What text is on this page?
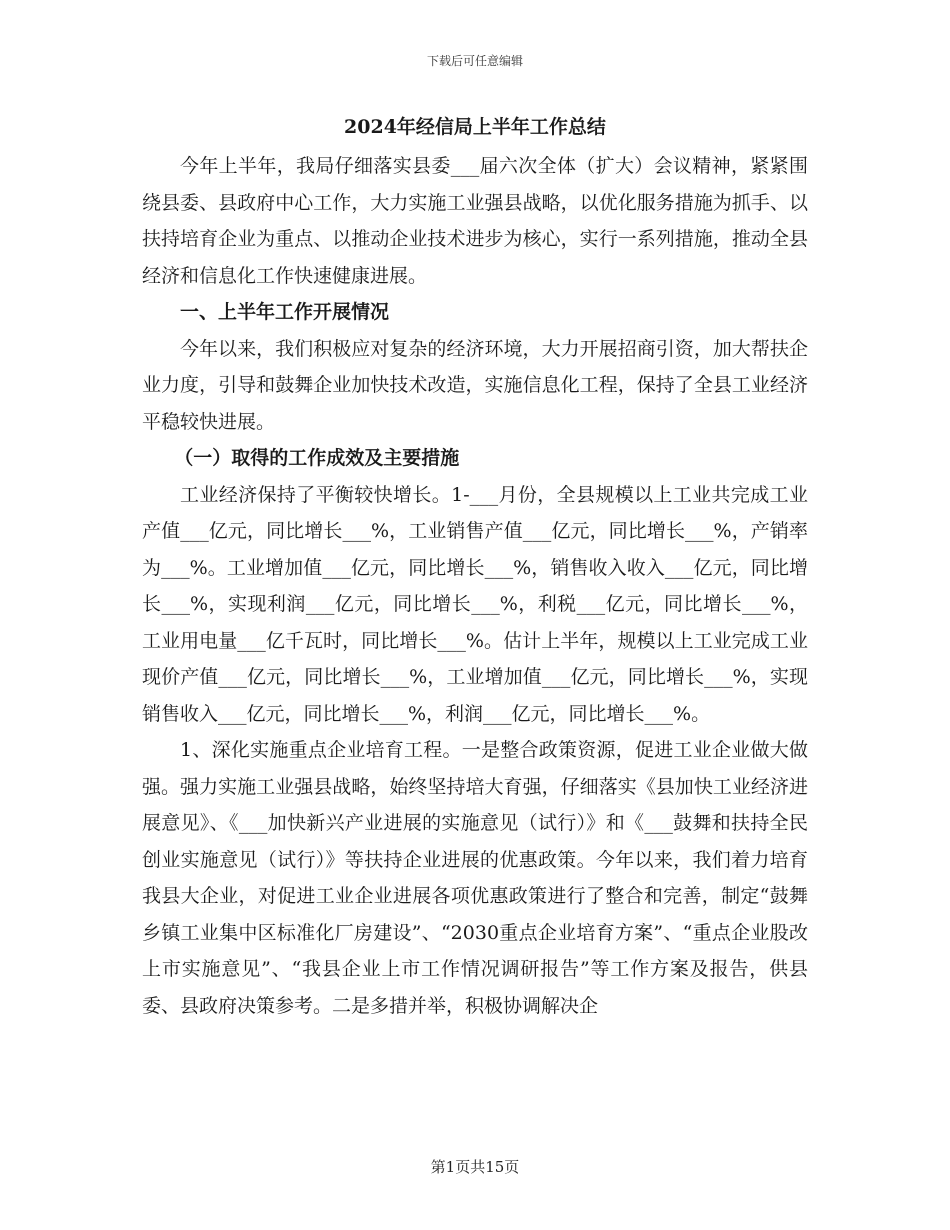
下载后可任意编辑
2024年经信局上半年工作总结

今年上半年，我局仔细落实县委___届六次全体（扩大）会议精神，紧紧围绕县委、县政府中心工作，大力实施工业强县战略，以优化服务措施为抓手、以扶持培育企业为重点、以推动企业技术进步为核心，实行一系列措施，推动全县经济和信息化工作快速健康进展。

一、上半年工作开展情况

今年以来，我们积极应对复杂的经济环境，大力开展招商引资，加大帮扶企业力度，引导和鼓舞企业加快技术改造，实施信息化工程，保持了全县工业经济平稳较快进展。

（一）取得的工作成效及主要措施

工业经济保持了平衡较快增长。1-___月份，全县规模以上工业共完成工业产值___亿元，同比增长___%，工业销售产值___亿元，同比增长___%，产销率为___%。工业增加值___亿元，同比增长___%，销售收入收入___亿元，同比增长___%，实现利润___亿元，同比增长___%，利税___亿元，同比增长___%，工业用电量___亿千瓦时，同比增长___%。估计上半年，规模以上工业完成工业现价产值___亿元，同比增长___%，工业增加值___亿元，同比增长___%，实现销售收入___亿元，同比增长___%，利润___亿元，同比增长___%。

1、深化实施重点企业培育工程。一是整合政策资源，促进工业企业做大做强。强力实施工业强县战略，始终坚持培大育强，仔细落实《县加快工业经济进展意见》、《___加快新兴产业进展的实施意见（试行）》和《___鼓舞和扶持全民创业实施意见（试行）》等扶持企业进展的优惠政策。今年以来，我们着力培育我县大企业，对促进工业企业进展各项优惠政策进行了整合和完善，制定“鼓舞乡镇工业集中区标准化厂房建设”、“2030重点企业培育方案”、“重点企业股改上市实施意见”、“我县企业上市工作情况调研报告”等工作方案及报告，供县委、县政府决策参考。二是多措并举，积极协调解决企

第1页共15页
